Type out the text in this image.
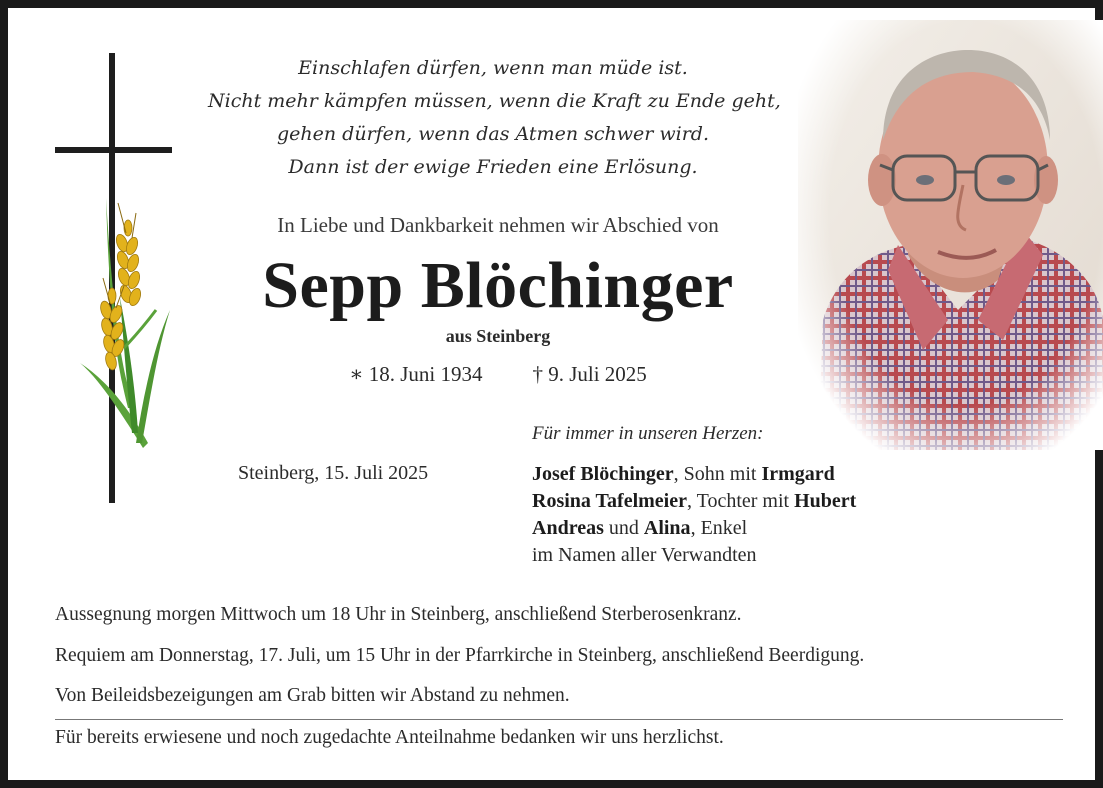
Einschlafen dürfen, wenn man müde ist.
Nicht mehr kämpfen müssen, wenn die Kraft zu Ende geht,
gehen dürfen, wenn das Atmen schwer wird.
Dann ist der ewige Frieden eine Erlösung.
In Liebe und Dankbarkeit nehmen wir Abschied von
Sepp Blöchinger
aus Steinberg
∗ 18. Juni 1934 † 9. Juli 2025
Für immer in unseren Herzen:
Steinberg, 15. Juli 2025	Josef Blöchinger, Sohn mit Irmgard
Rosina Tafelmeier, Tochter mit Hubert
Andreas und Alina, Enkel
im Namen aller Verwandten
Aussegnung morgen Mittwoch um 18 Uhr in Steinberg, anschließend Sterberosenkranz.
Requiem am Donnerstag, 17. Juli, um 15 Uhr in der Pfarrkirche in Steinberg, anschließend Beerdigung.
Von Beileidsbezeigungen am Grab bitten wir Abstand zu nehmen.
Für bereits erwiesene und noch zugedachte Anteilnahme bedanken wir uns herzlichst.
